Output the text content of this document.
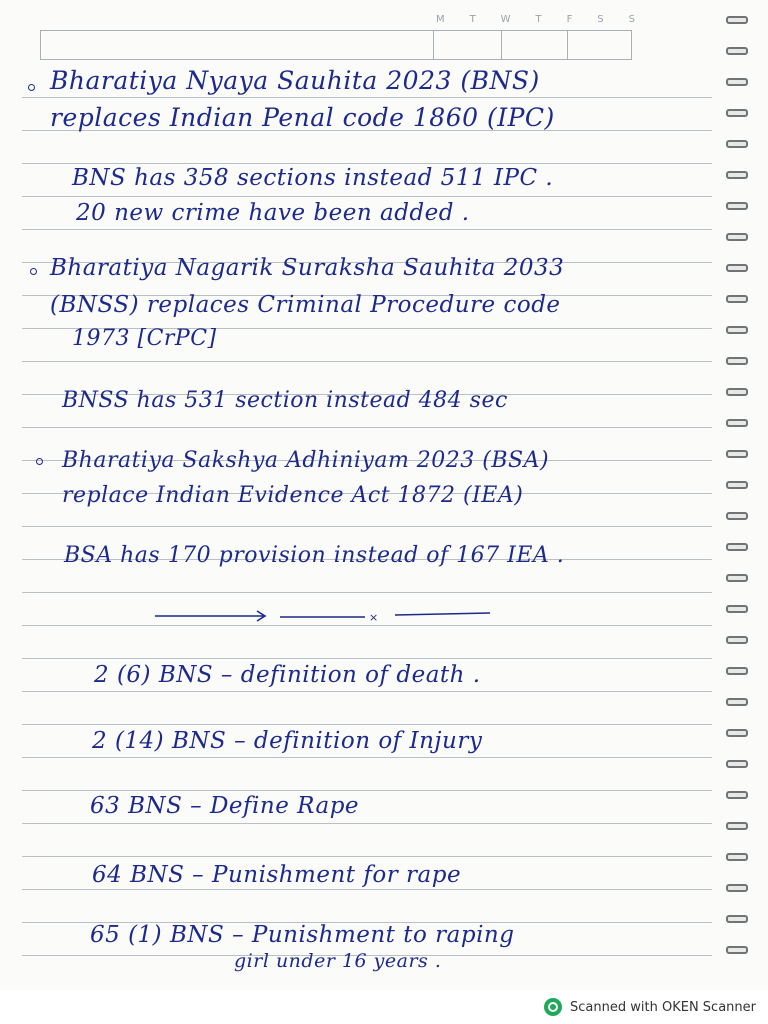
M T W T F S S
Bharatiya Nyaya Sauhita 2023 (BNS)
replaces Indian Penal code 1860 (IPC)
BNS has 358 sections instead 511 IPC .
20 new crime have been added .
Bharatiya Nagarik Suraksha Sauhita 2033
(BNSS) replaces Criminal Procedure code
1973 [CrPC]
BNSS has 531 section instead 484 sec
Bharatiya Sakshya Adhiniyam 2023 (BSA)
replace Indian Evidence Act 1872 (IEA)
BSA has 170 provision instead of 167 IEA .
×
2 (6) BNS – definition of death .
2 (14) BNS – definition of Injury
63 BNS – Define Rape
64 BNS – Punishment for rape
65 (1) BNS – Punishment to raping
girl under 16 years .
Scanned with OKEN Scanner
